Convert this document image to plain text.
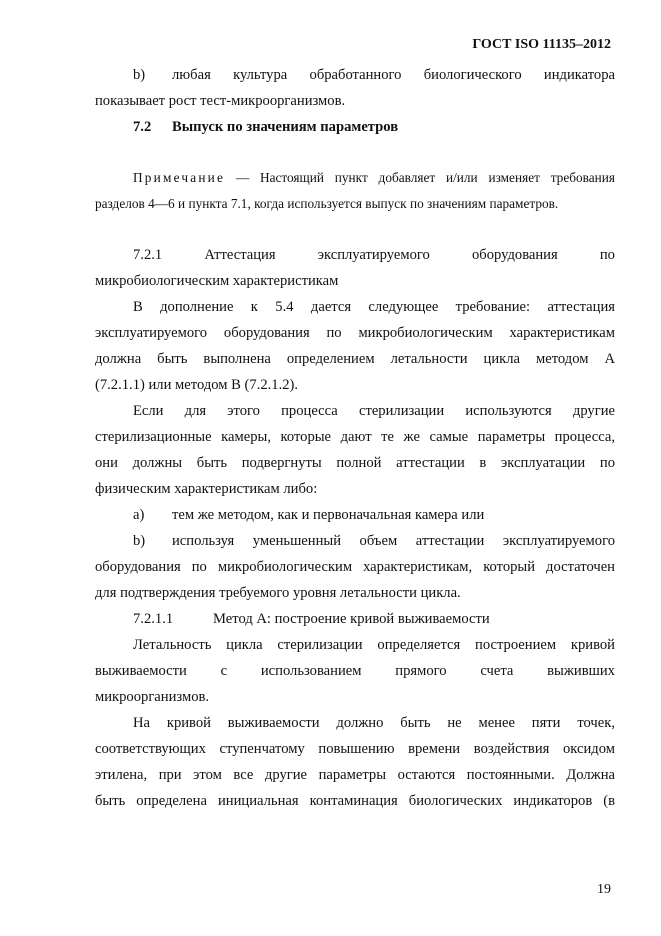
ГОСТ ISO 11135–2012
b) любая культура обработанного биологического индикатора
показывает рост тест-микроорганизмов.
7.2 Выпуск по значениям параметров
Примечание — Настоящий пункт добавляет и/или изменяет требования
разделов 4—6 и пункта 7.1, когда используется выпуск по значениям параметров.
7.2.1	Аттестация	эксплуатируемого	оборудования	по
микробиологическим характеристикам
В дополнение к 5.4 дается следующее требование: аттестация
эксплуатируемого оборудования по микробиологическим характеристикам
должна быть выполнена определением летальности цикла методом А
(7.2.1.1) или методом В (7.2.1.2).
Если для этого процесса стерилизации используются другие
стерилизационные камеры, которые дают те же самые параметры процесса,
они должны быть подвергнуты полной аттестации в эксплуатации по
физическим характеристикам либо:
а) тем же методом, как и первоначальная камера или
b) используя уменьшенный объем аттестации эксплуатируемого
оборудования по микробиологическим характеристикам, который достаточен
для подтверждения требуемого уровня летальности цикла.
7.2.1.1	Метод А: построение кривой выживаемости
Летальность цикла стерилизации определяется построением кривой
выживаемости с использованием прямого счета выживших
микроорганизмов.
На кривой выживаемости должно быть не менее пяти точек,
соответствующих ступенчатому повышению времени воздействия оксидом
этилена, при этом все другие параметры остаются постоянными. Должна
быть определена инициальная контаминация биологических индикаторов (в
19
